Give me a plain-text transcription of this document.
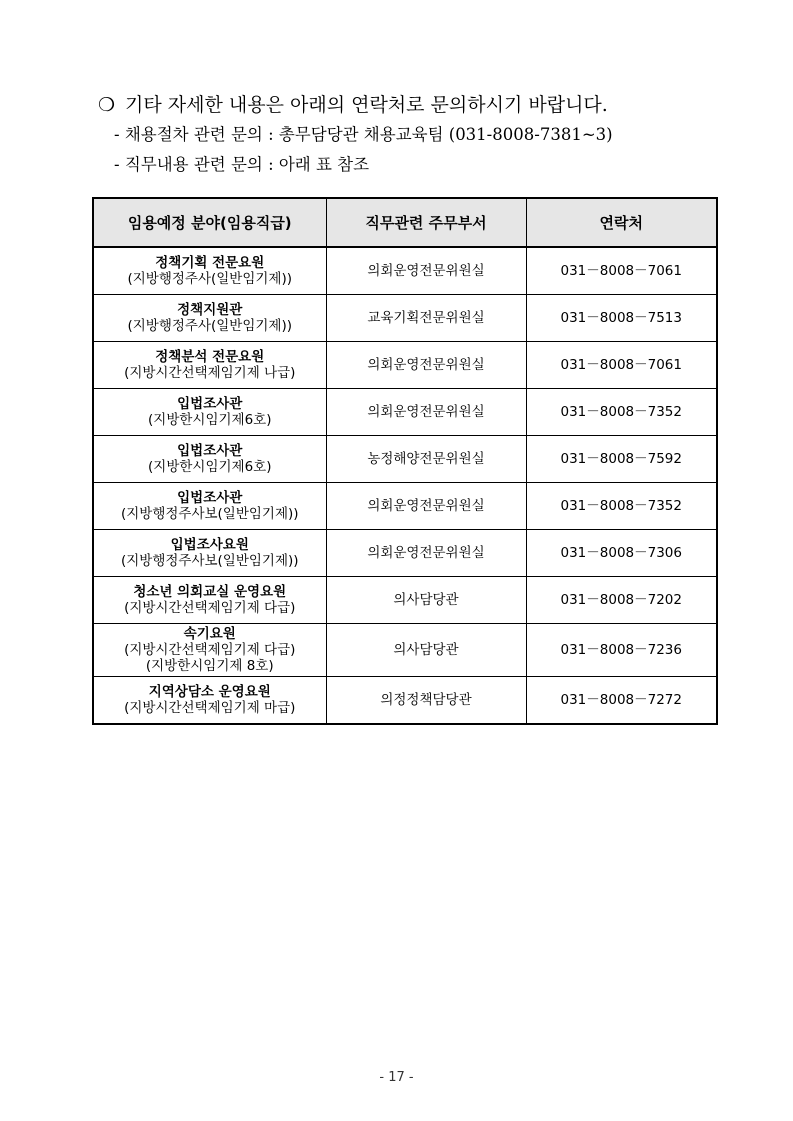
❍ 기타 자세한 내용은 아래의 연락처로 문의하시기 바랍니다.
- 채용절차 관련 문의 : 총무담당관 채용교육팀 (031-8008-7381~3)
- 직무내용 관련 문의 : 아래 표 참조
임용예정 분야(임용직급)	직무관련 주무부서	연락처

정책기획 전문요원
(지방행정주사(일반임기제))	의회운영전문위원실	031－8008－7061

정책지원관
(지방행정주사(일반임기제))	교육기획전문위원실	031－8008－7513

정책분석 전문요원
(지방시간선택제임기제 나급)	의회운영전문위원실	031－8008－7061

입법조사관
(지방한시임기제6호)	의회운영전문위원실	031－8008－7352

입법조사관
(지방한시임기제6호)	농정해양전문위원실	031－8008－7592

입법조사관
(지방행정주사보(일반임기제))	의회운영전문위원실	031－8008－7352

입법조사요원
(지방행정주사보(일반임기제))	의회운영전문위원실	031－8008－7306

청소년 의회교실 운영요원
(지방시간선택제임기제 다급)	의사담당관	031－8008－7202

속기요원
(지방시간선택제임기제 다급)
(지방한시임기제 8호)	의사담당관	031－8008－7236

지역상담소 운영요원
(지방시간선택제임기제 마급)	의정정책담당관	031－8008－7272
- 17 -
